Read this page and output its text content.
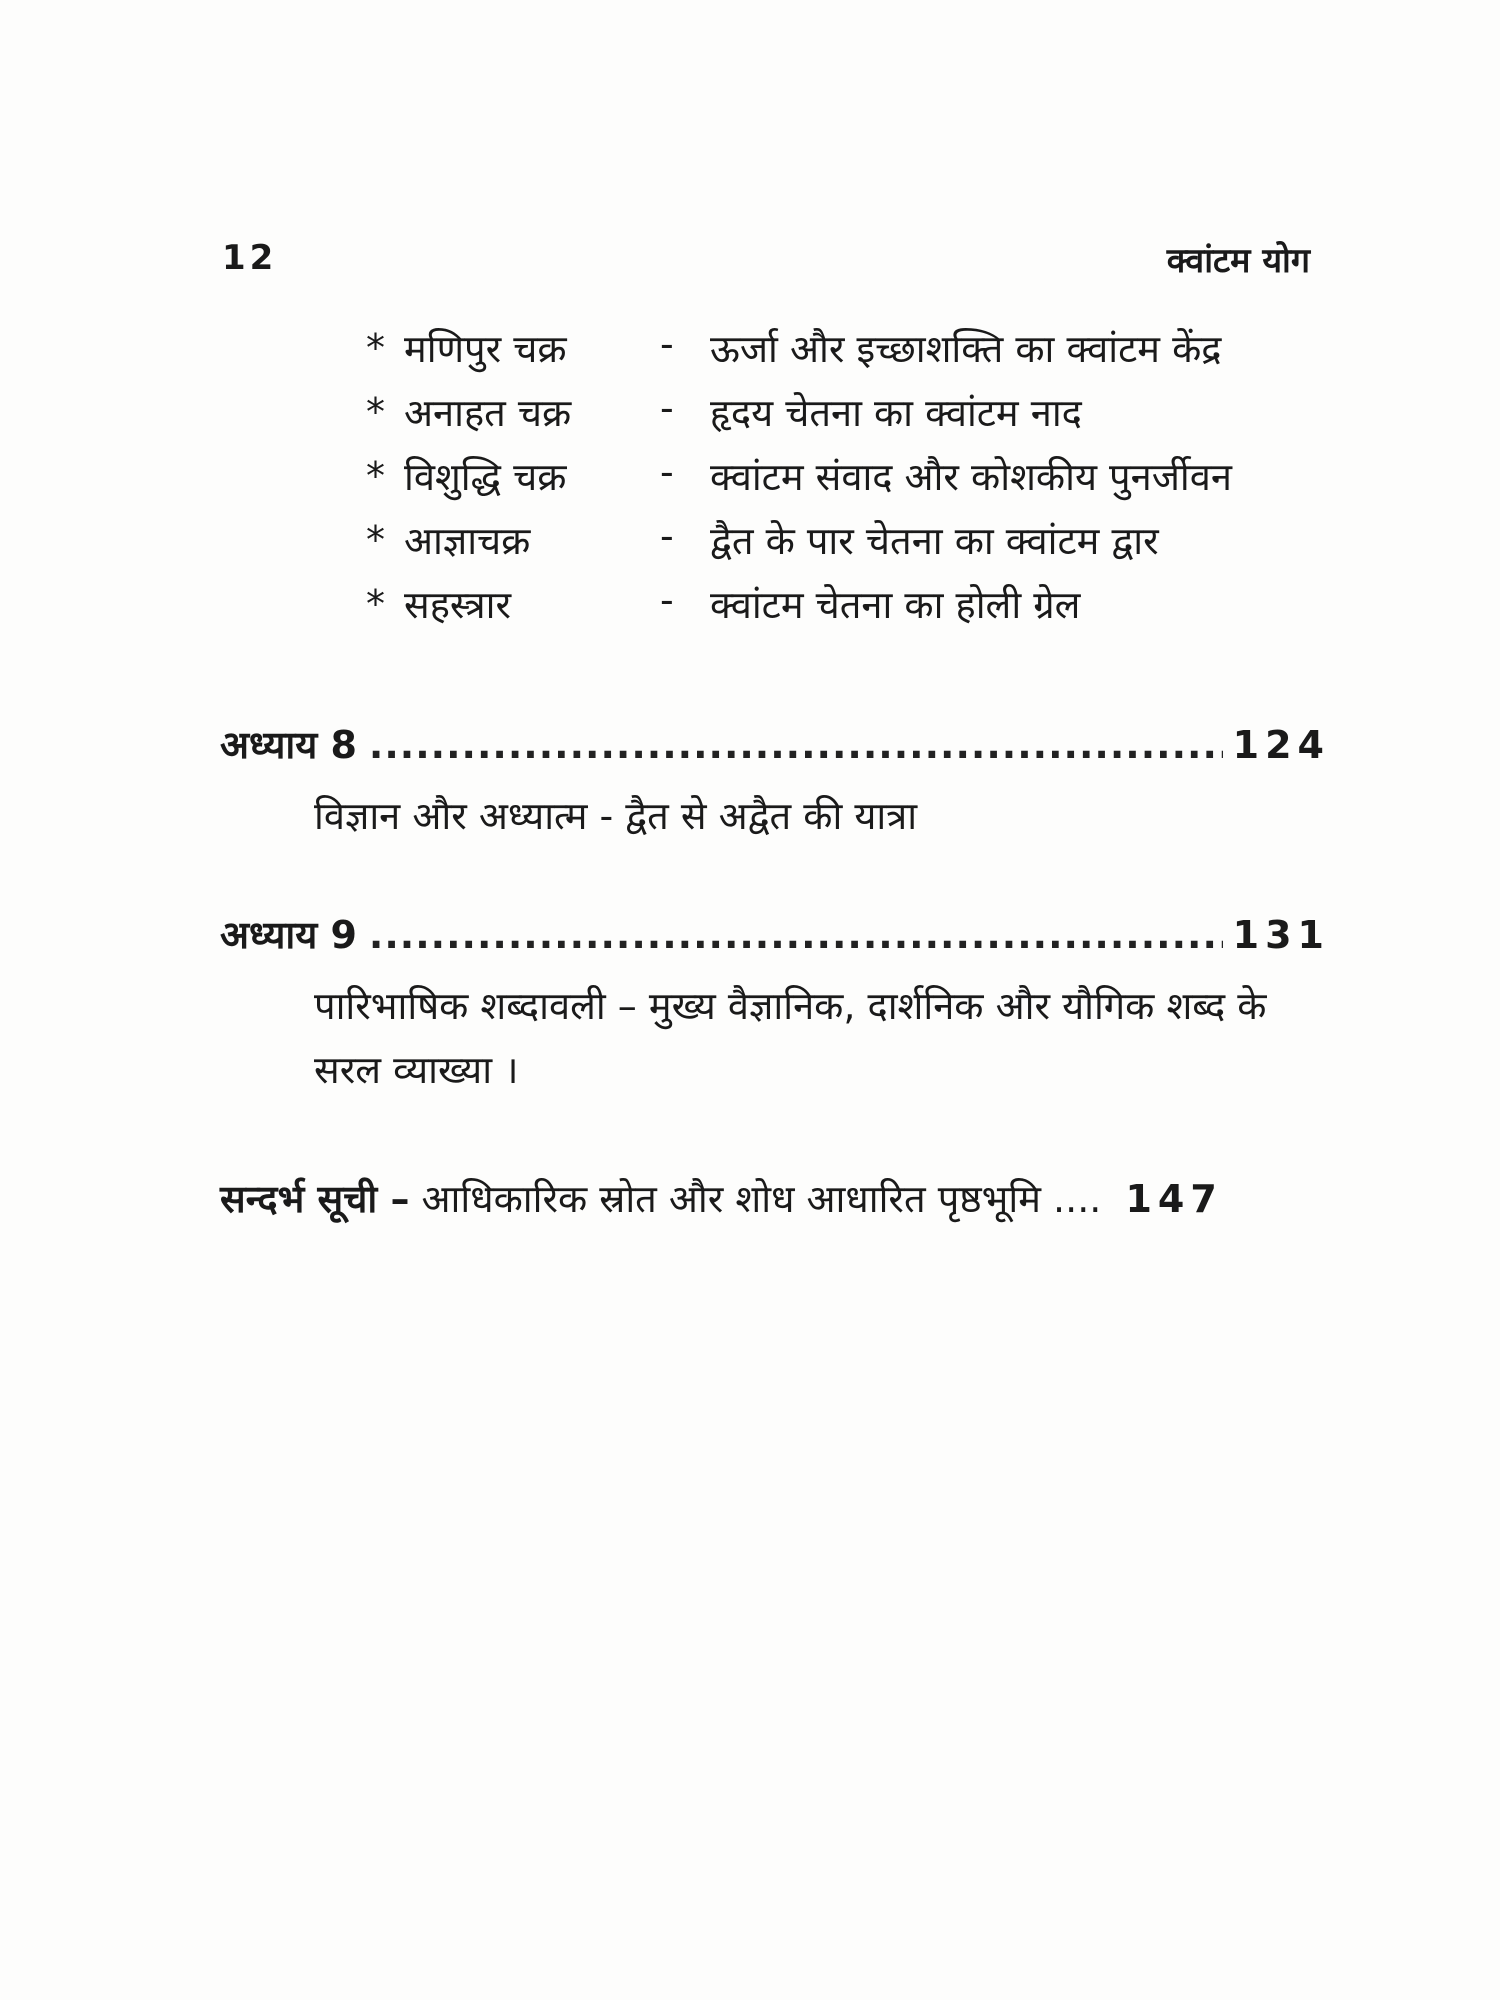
12	क्वांटम योग
* मणिपुर चक्र - ऊर्जा और इच्छाशक्ति का क्वांटम केंद्र
* अनाहत चक्र - हृदय चेतना का क्वांटम नाद
* विशुद्धि चक्र - क्वांटम संवाद और कोशकीय पुनर्जीवन
* आज्ञाचक्र	- द्वैत के पार चेतना का क्वांटम द्वार
* सहस्त्रार	- क्वांटम चेतना का होली ग्रेल
अध्याय 8 .....	124
विज्ञान और अध्यात्म - द्वैत से अद्वैत की यात्रा
अध्याय 9 .....	131
पारिभाषिक शब्दावली – मुख्य वैज्ञानिक, दार्शनिक और यौगिक शब्द के सरल व्याख्या ।
सन्दर्भ सूची – आधिकारिक स्रोत और शोध आधारित पृष्ठभूमि .... 147
